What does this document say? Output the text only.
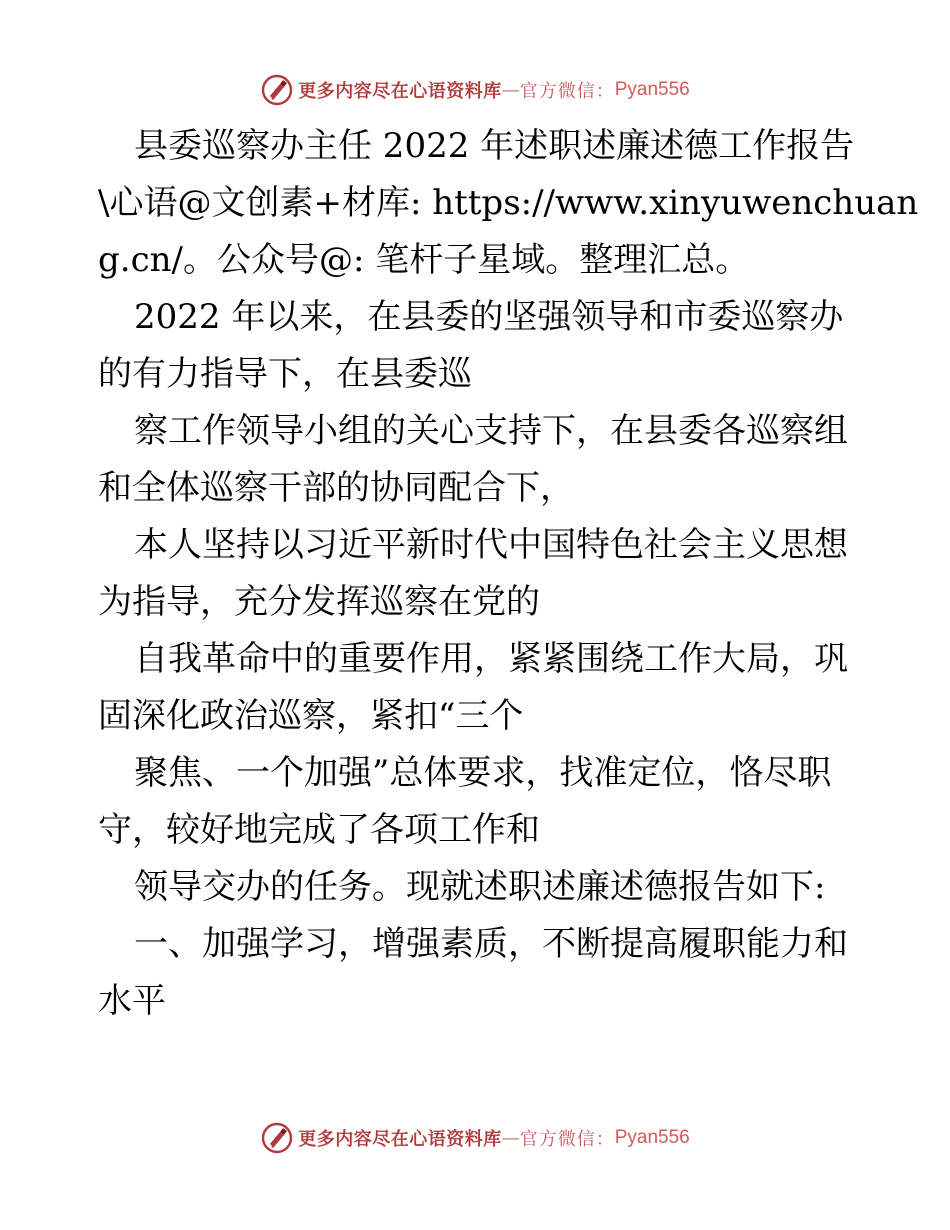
更多内容尽在心语资料库 — 官方微信： Pyan556

县委巡察办主任 2022 年述职述廉述德工作报告
\心语@文创素+材库: https://www.xinyuwenchuan
g.cn/。公众号@: 笔杆子星域。整理汇总。

2022 年以来，在县委的坚强领导和市委巡察办
的有力指导下，在县委巡

察工作领导小组的关心支持下，在县委各巡察组
和全体巡察干部的协同配合下，

本人坚持以习近平新时代中国特色社会主义思想
为指导，充分发挥巡察在党的

自我革命中的重要作用，紧紧围绕工作大局，巩
固深化政治巡察，紧扣“三个

聚焦、一个加强”总体要求，找准定位，恪尽职
守，较好地完成了各项工作和

领导交办的任务。现就述职述廉述德报告如下:

一、加强学习，增强素质，不断提高履职能力和
水平

更多内容尽在心语资料库 — 官方微信： Pyan556
